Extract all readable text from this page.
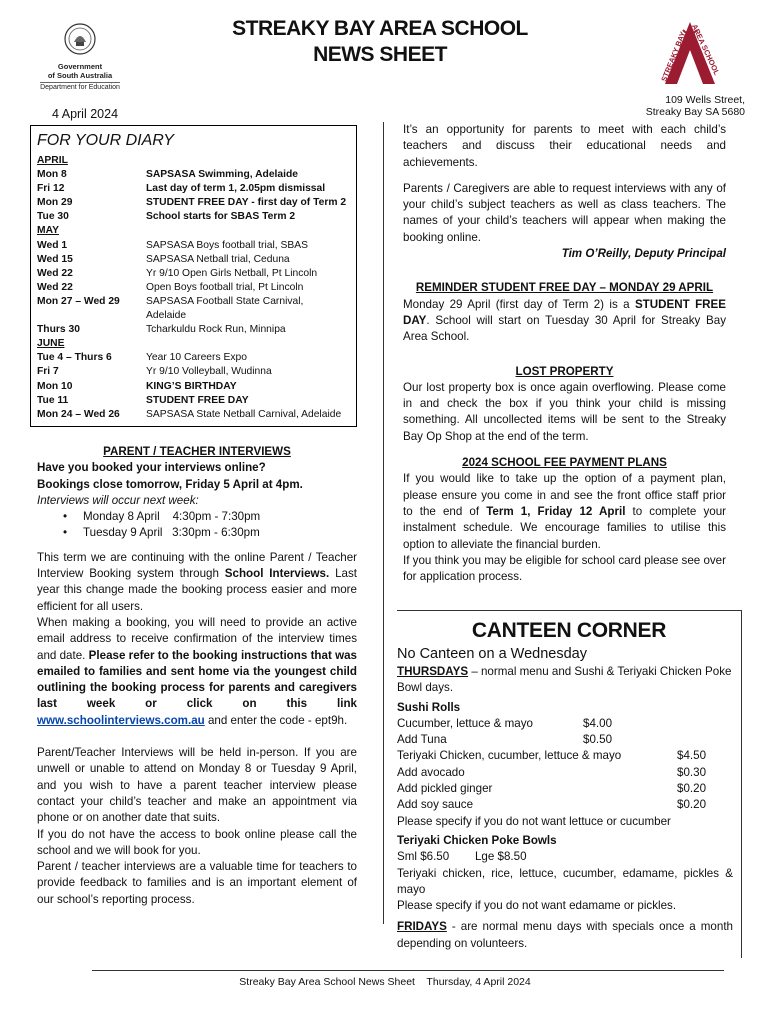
Government
of South Australia
Department for Education
STREAKY BAY AREA SCHOOL
NEWS SHEET
STREAKY BAY
AREA SCHOOL
109 Wells Street,
Streaky Bay SA 5680
4 April 2024
FOR YOUR DIARY
APRIL
Mon 8	SAPSASA Swimming, Adelaide
Fri 12	Last day of term 1, 2.05pm dismissal
Mon 29	STUDENT FREE DAY - first day of Term 2
Tue 30	School starts for SBAS Term 2
MAY
Wed 1	SAPSASA Boys football trial, SBAS
Wed 15	SAPSASA Netball trial, Ceduna
Wed 22	Yr 9/10 Open Girls Netball, Pt Lincoln
Wed 22	Open Boys football trial, Pt Lincoln
Mon 27 – Wed 29	SAPSASA Football State Carnival,
Adelaide
Thurs 30	Tcharkuldu Rock Run, Minnipa
JUNE
Tue 4 – Thurs 6	Year 10 Careers Expo
Fri 7	Yr 9/10 Volleyball, Wudinna
Mon 10	KING’S BIRTHDAY
Tue 11	STUDENT FREE DAY
Mon 24 – Wed 26	SAPSASA State Netball Carnival, Adelaide
PARENT / TEACHER INTERVIEWS
Have you booked your interviews online?
Bookings close tomorrow, Friday 5 April at 4pm.
Interviews will occur next week:
• Monday 8 April    4:30pm - 7:30pm
• Tuesday 9 April   3:30pm - 6:30pm
This term we are continuing with the online Parent / Teacher Interview Booking system through School Interviews. Last year this change made the booking process easier and more efficient for all users.
When making a booking, you will need to provide an active email address to receive confirmation of the interview times and date. Please refer to the booking instructions that was emailed to families and sent home via the youngest child outlining the booking process for parents and caregivers last week or click on this link www.schoolinterviews.com.au and enter the code - ept9h.
Parent/Teacher Interviews will be held in-person. If you are unwell or unable to attend on Monday 8 or Tuesday 9 April, and you wish to have a parent teacher interview please contact your child’s teacher and make an appointment via phone or on another date that suits.
If you do not have the access to book online please call the school and we will book for you.
Parent / teacher interviews are a valuable time for teachers to provide feedback to families and is an important element of our school’s reporting process.
It’s an opportunity for parents to meet with each child’s teachers and discuss their educational needs and achievements.
Parents / Caregivers are able to request interviews with any of your child’s subject teachers as well as class teachers. The names of your child’s teachers will appear when making the booking online.
Tim O’Reilly, Deputy Principal
REMINDER STUDENT FREE DAY – MONDAY 29 APRIL
Monday 29 April (first day of Term 2) is a STUDENT FREE DAY. School will start on Tuesday 30 April for Streaky Bay Area School.
LOST PROPERTY
Our lost property box is once again overflowing. Please come in and check the box if you think your child is missing something. All uncollected items will be sent to the Streaky Bay Op Shop at the end of the term.
2024 SCHOOL FEE PAYMENT PLANS
If you would like to take up the option of a payment plan, please ensure you come in and see the front office staff prior to the end of Term 1, Friday 12 April to complete your instalment schedule. We encourage families to utilise this option to alleviate the financial burden.
If you think you may be eligible for school card please see over for application process.
CANTEEN CORNER
No Canteen on a Wednesday
THURSDAYS – normal menu and Sushi & Teriyaki Chicken Poke Bowl days.
Sushi Rolls
Cucumber, lettuce & mayo	$4.00
Add Tuna	$0.50
Teriyaki Chicken, cucumber, lettuce & mayo	$4.50
Add avocado	$0.30
Add pickled ginger	$0.20
Add soy sauce	$0.20
Please specify if you do not want lettuce or cucumber
Teriyaki Chicken Poke Bowls
Sml $6.50        Lge $8.50
Teriyaki chicken, rice, lettuce, cucumber, edamame, pickles & mayo
Please specify if you do not want edamame or pickles.
FRIDAYS - are normal menu days with specials once a month depending on volunteers.
Streaky Bay Area School News Sheet    Thursday, 4 April 2024
